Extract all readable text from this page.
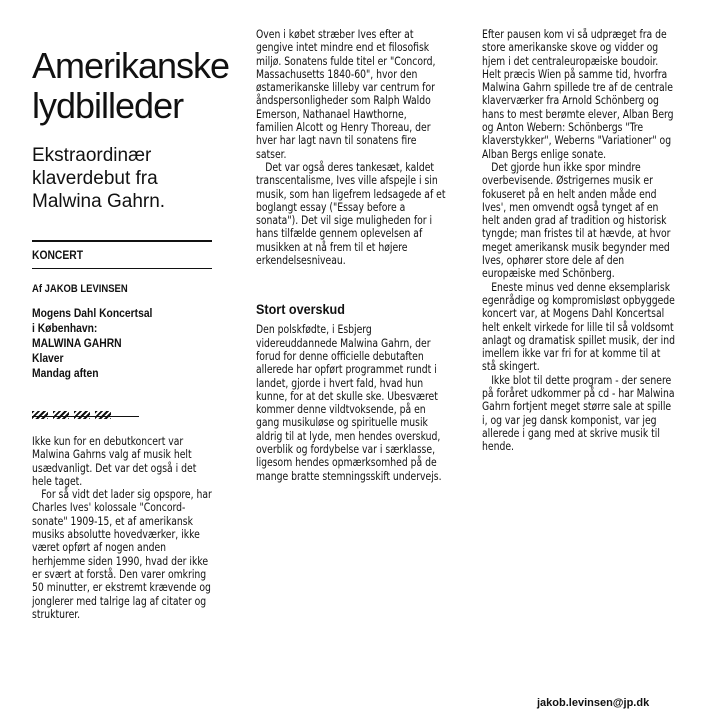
Amerikanske lydbilleder
Ekstraordinær klaverdebut fra Malwina Gahrn.
KONCERT
Af JAKOB LEVINSEN
Mogens Dahl Koncertsal
i København:
MALWINA GAHRN
Klaver
Mandag aften

Ikke kun for en debutkoncert var Malwina Gahrns valg af musik helt usædvanligt. Det var det også i det hele taget.

For så vidt det lader sig opspore, har Charles Ives' kolossale "Concord-sonate" 1909-15, et af amerikansk musiks absolutte hovedværker, ikke været opført af nogen anden herhjemme siden 1990, hvad der ikke er svært at forstå. Den varer omkring 50 minutter, er ekstremt krævende og jonglerer med talrige lag af citater og strukturer.

Oven i købet stræber Ives efter at gengive intet mindre end et filosofisk miljø. Sonatens fulde titel er "Concord, Massachusetts 1840-60", hvor den østamerikanske lilleby var centrum for åndspersonligheder som Ralph Waldo Emerson, Nathanael Hawthorne, familien Alcott og Henry Thoreau, der hver har lagt navn til sonatens fire satser.

Det var også deres tankesæt, kaldet transcentalisme, Ives ville afspejle i sin musik, som han ligefrem ledsagede af et boglangt essay ("Essay before a sonata"). Det vil sige muligheden for i hans tilfælde gennem oplevelsen af musikken at nå frem til et højere erkendelsesniveau.

Stort overskud

Den polskfødte, i Esbjerg videreuddannede Malwina Gahrn, der forud for denne officielle debutaften allerede har opført programmet rundt i landet, gjorde i hvert fald, hvad hun kunne, for at det skulle ske. Ubesværet kommer denne vildtvoksende, på en gang musikuløse og spirituelle musik aldrig til at lyde, men hendes overskud, overblik og fordybelse var i særklasse, ligesom hendes opmærksomhed på de mange bratte stemningsskift undervejs.

Efter pausen kom vi så udpræget fra de store amerikanske skove og vidder og hjem i det centraleuropæiske boudoir. Helt præcis Wien på samme tid, hvorfra Malwina Gahrn spillede tre af de centrale klaverværker fra Arnold Schönberg og hans to mest berømte elever, Alban Berg og Anton Webern: Schönbergs "Tre klaverstykker", Weberns "Variationer" og Alban Bergs enlige sonate.

Det gjorde hun ikke spor mindre overbevisende. Østrigernes musik er fokuseret på en helt anden måde end Ives', men omvendt også tynget af en helt anden grad af tradition og historisk tyngde; man fristes til at hævde, at hvor meget amerikansk musik begynder med Ives, ophører store dele af den europæiske med Schönberg.

Eneste minus ved denne eksemplarisk egenrådige og kompromisløst opbyggede koncert var, at Mogens Dahl Koncertsal helt enkelt virkede for lille til så voldsomt anlagt og dramatisk spillet musik, der ind imellem ikke var fri for at komme til at stå skingert.

Ikke blot til dette program - der senere på foråret udkommer på cd - har Malwina Gahrn fortjent meget større sale at spille i, og var jeg dansk komponist, var jeg allerede i gang med at skrive musik til hende.

jakob.levinsen@jp.dk
